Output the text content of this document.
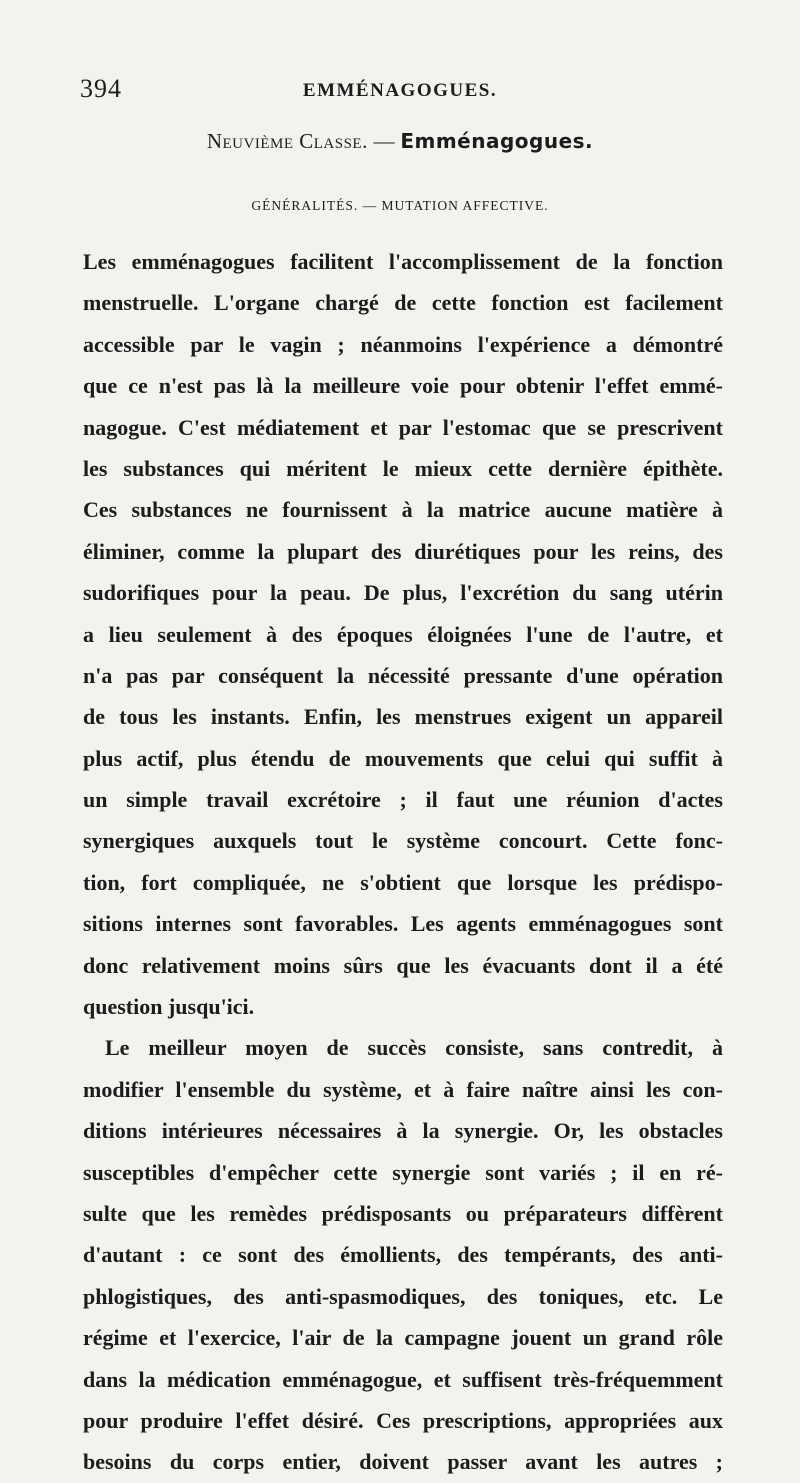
394	EMMÉNAGOGUES.
Neuvième Classe. — Emménagogues.
GÉNÉRALITÉS. — MUTATION AFFECTIVE.
Les emménagogues facilitent l'accomplissement de la fonction
menstruelle. L'organe chargé de cette fonction est facilement
accessible par le vagin ; néanmoins l'expérience a démontré
que ce n'est pas là la meilleure voie pour obtenir l'effet emmé-
nagogue. C'est médiatement et par l'estomac que se prescrivent
les substances qui méritent le mieux cette dernière épithète.
Ces substances ne fournissent à la matrice aucune matière à
éliminer, comme la plupart des diurétiques pour les reins, des
sudorifiques pour la peau. De plus, l'excrétion du sang utérin
a lieu seulement à des époques éloignées l'une de l'autre, et
n'a pas par conséquent la nécessité pressante d'une opération
de tous les instants. Enfin, les menstrues exigent un appareil
plus actif, plus étendu de mouvements que celui qui suffit à
un simple travail excrétoire ; il faut une réunion d'actes
synergiques auxquels tout le système concourt. Cette fonc-
tion, fort compliquée, ne s'obtient que lorsque les prédispo-
sitions internes sont favorables. Les agents emménagogues sont
donc relativement moins sûrs que les évacuants dont il a été
question jusqu'ici.
Le meilleur moyen de succès consiste, sans contredit, à
modifier l'ensemble du système, et à faire naître ainsi les con-
ditions intérieures nécessaires à la synergie. Or, les obstacles
susceptibles d'empêcher cette synergie sont variés ; il en ré-
sulte que les remèdes prédisposants ou préparateurs diffèrent
d'autant : ce sont des émollients, des tempérants, des anti-
phlogistiques, des anti-spasmodiques, des toniques, etc. Le
régime et l'exercice, l'air de la campagne jouent un grand rôle
dans la médication emménagogue, et suffisent très-fréquemment
pour produire l'effet désiré. Ces prescriptions, appropriées aux
besoins du corps entier, doivent passer avant les autres ;
